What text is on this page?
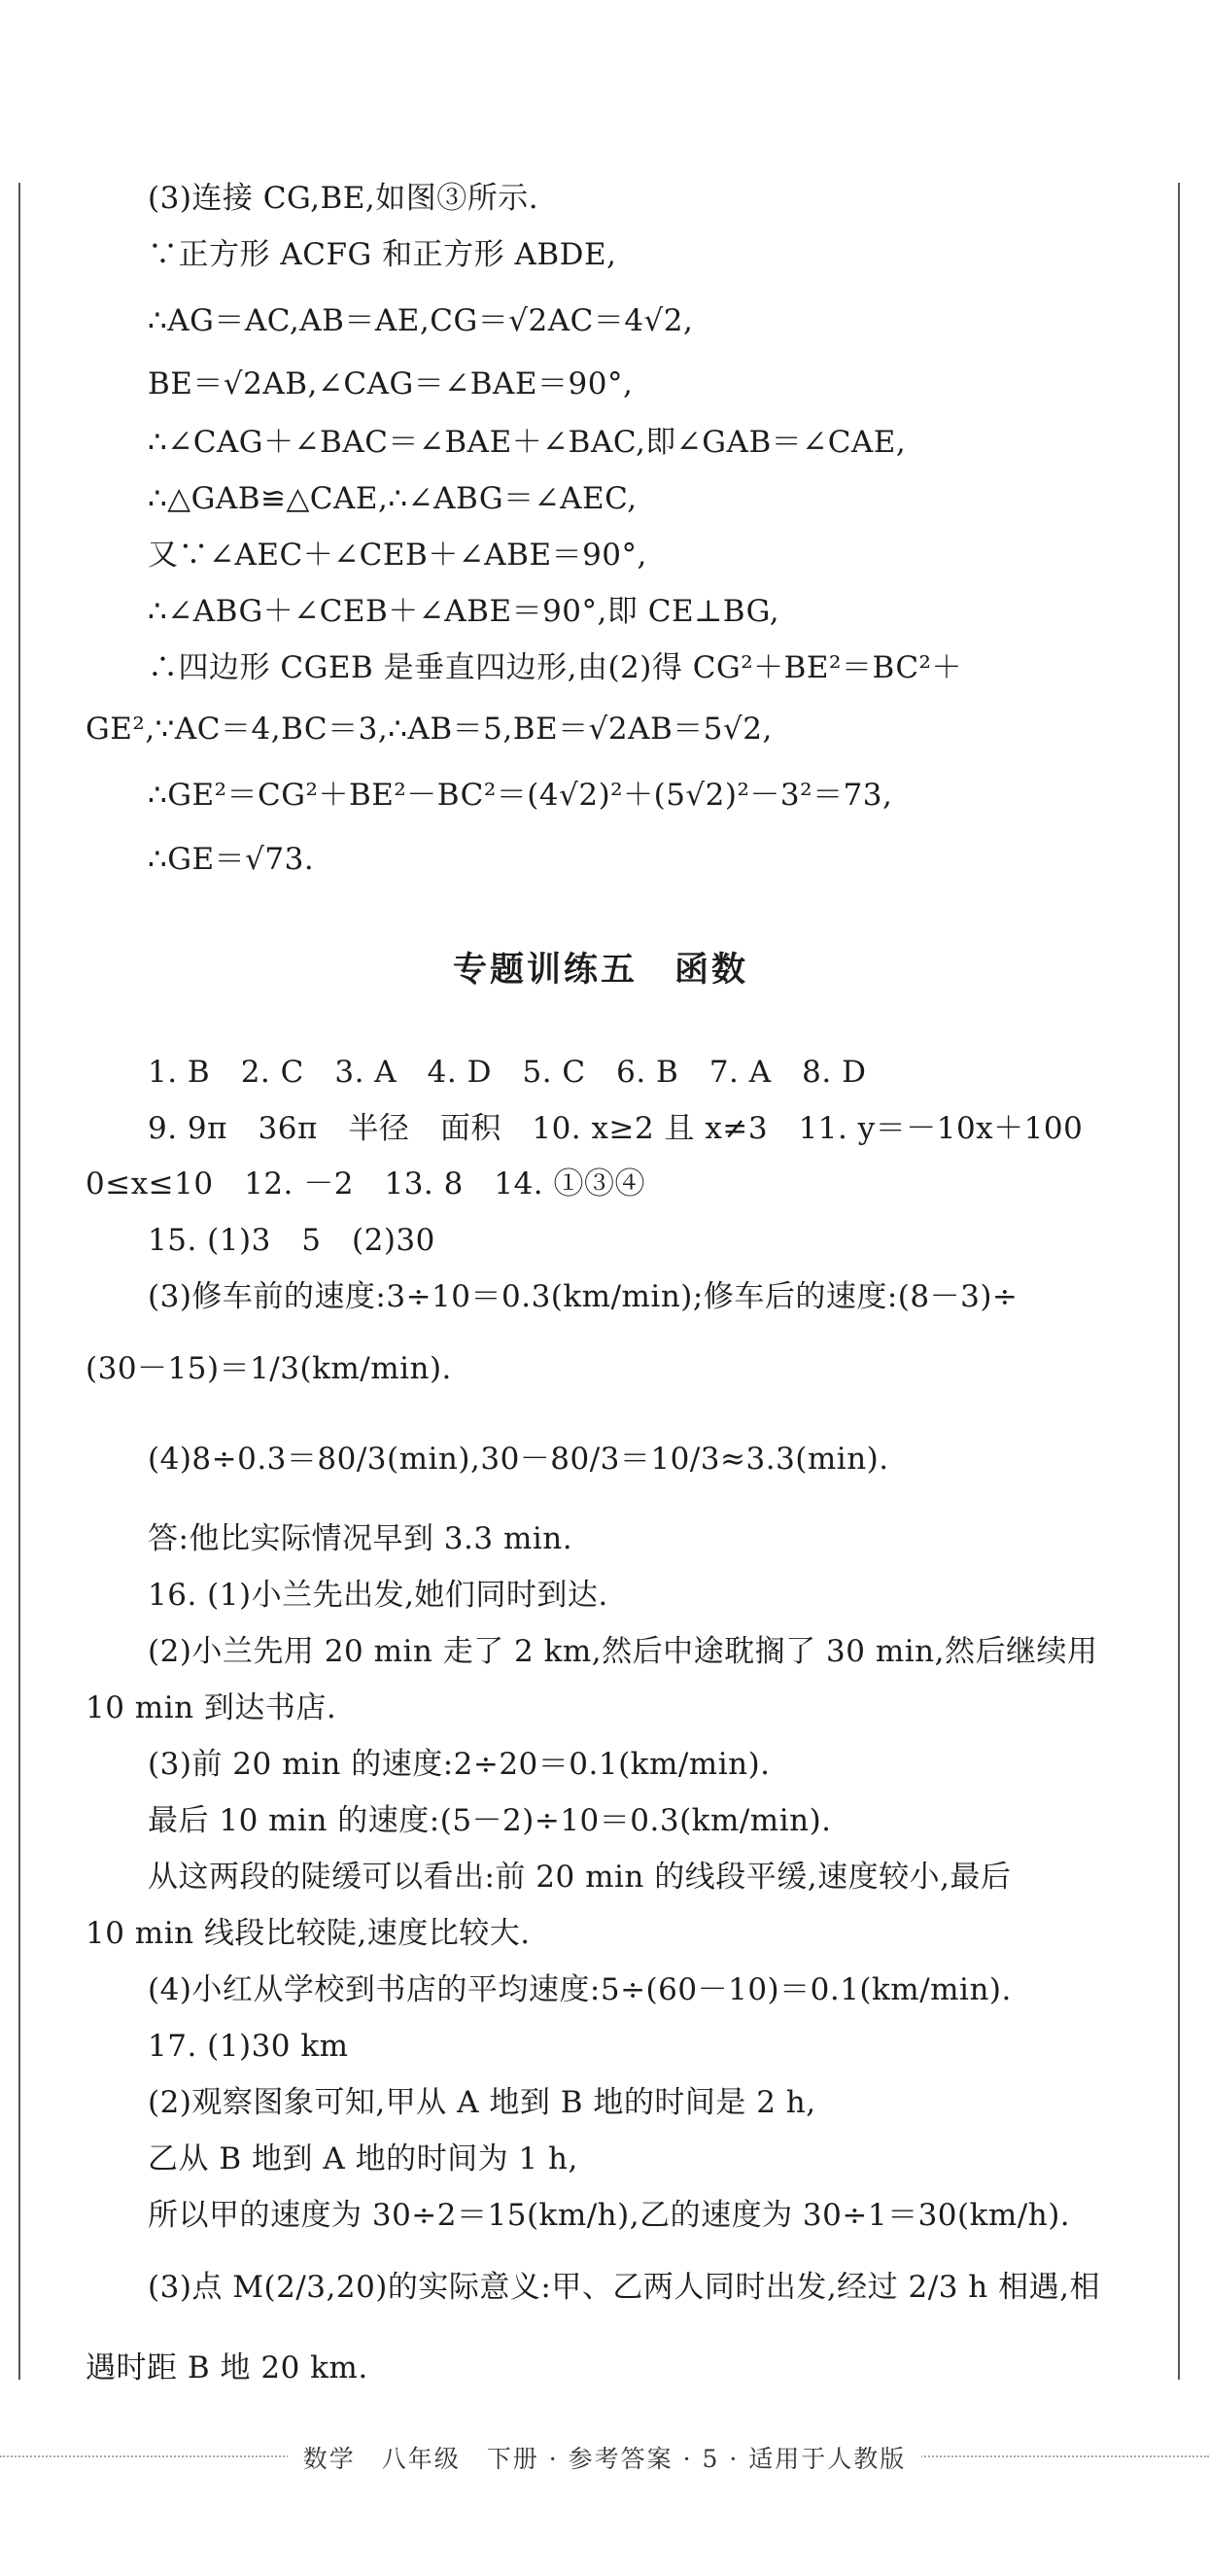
(3)连接 CG,BE,如图③所示.
∵正方形 ACFG 和正方形 ABDE,
∴AG＝AC,AB＝AE,CG＝√2AC＝4√2,
BE＝√2AB,∠CAG＝∠BAE＝90°,
∴∠CAG＋∠BAC＝∠BAE＋∠BAC,即∠GAB＝∠CAE,
∴△GAB≌△CAE,∴∠ABG＝∠AEC,
又∵∠AEC＋∠CEB＋∠ABE＝90°,
∴∠ABG＋∠CEB＋∠ABE＝90°,即 CE⊥BG,
∴四边形 CGEB 是垂直四边形,由(2)得 CG²＋BE²＝BC²＋
GE²,∵AC＝4,BC＝3,∴AB＝5,BE＝√2AB＝5√2,
∴GE²＝CG²＋BE²－BC²＝(4√2)²＋(5√2)²－3²＝73,
∴GE＝√73.
专题训练五　函数
1. B　2. C　3. A　4. D　5. C　6. B　7. A　8. D
9. 9π　36π　半径　面积　10. x≥2 且 x≠3　11. y＝－10x＋100
0≤x≤10　12. －2　13. 8　14. ①③④
15. (1)3　5　(2)30
(3)修车前的速度:3÷10＝0.3(km/min);修车后的速度:(8－3)÷
(30－15)＝1/3(km/min).
(4)8÷0.3＝80/3(min),30－80/3＝10/3≈3.3(min).
答:他比实际情况早到 3.3 min.
16. (1)小兰先出发,她们同时到达.
(2)小兰先用 20 min 走了 2 km,然后中途耽搁了 30 min,然后继续用
10 min 到达书店.
(3)前 20 min 的速度:2÷20＝0.1(km/min).
最后 10 min 的速度:(5－2)÷10＝0.3(km/min).
从这两段的陡缓可以看出:前 20 min 的线段平缓,速度较小,最后
10 min 线段比较陡,速度比较大.
(4)小红从学校到书店的平均速度:5÷(60－10)＝0.1(km/min).
17. (1)30 km
(2)观察图象可知,甲从 A 地到 B 地的时间是 2 h,
乙从 B 地到 A 地的时间为 1 h,
所以甲的速度为 30÷2＝15(km/h),乙的速度为 30÷1＝30(km/h).
(3)点 M(2/3,20)的实际意义:甲、乙两人同时出发,经过 2/3 h 相遇,相
遇时距 B 地 20 km.
数学　八年级　下册 · 参考答案 · 5 · 适用于人教版
